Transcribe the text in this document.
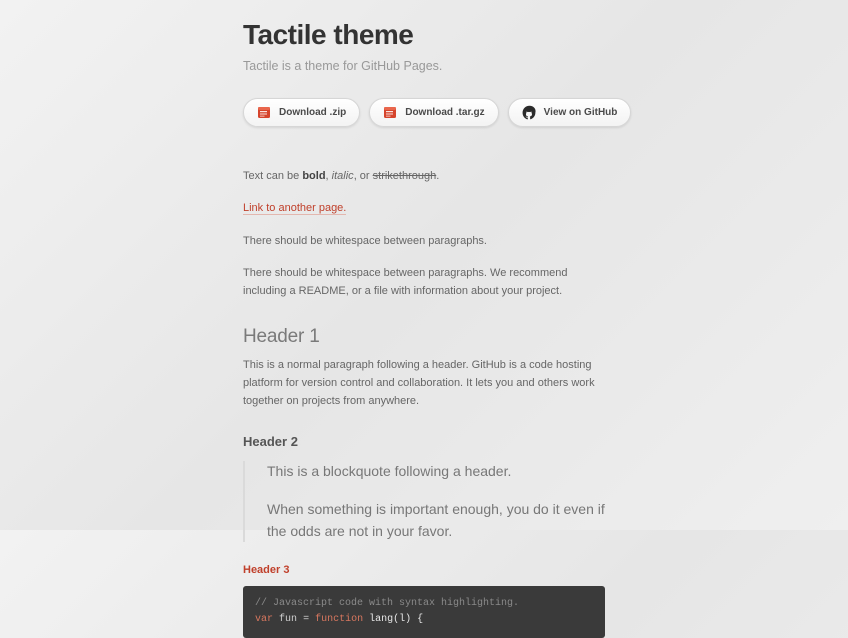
Tactile theme

Tactile is a theme for GitHub Pages.

Download .zip	Download .tar.gz	View on GitHub

Text can be bold, italic, or strikethrough.

Link to another page.

There should be whitespace between paragraphs.

There should be whitespace between paragraphs. We recommend including a README, or a file with information about your project.

Header 1

This is a normal paragraph following a header. GitHub is a code hosting platform for version control and collaboration. It lets you and others work together on projects from anywhere.

Header 2

This is a blockquote following a header.

When something is important enough, you do it even if the odds are not in your favor.

Header 3
// Javascript code with syntax highlighting.
var fun = function lang(l) {
